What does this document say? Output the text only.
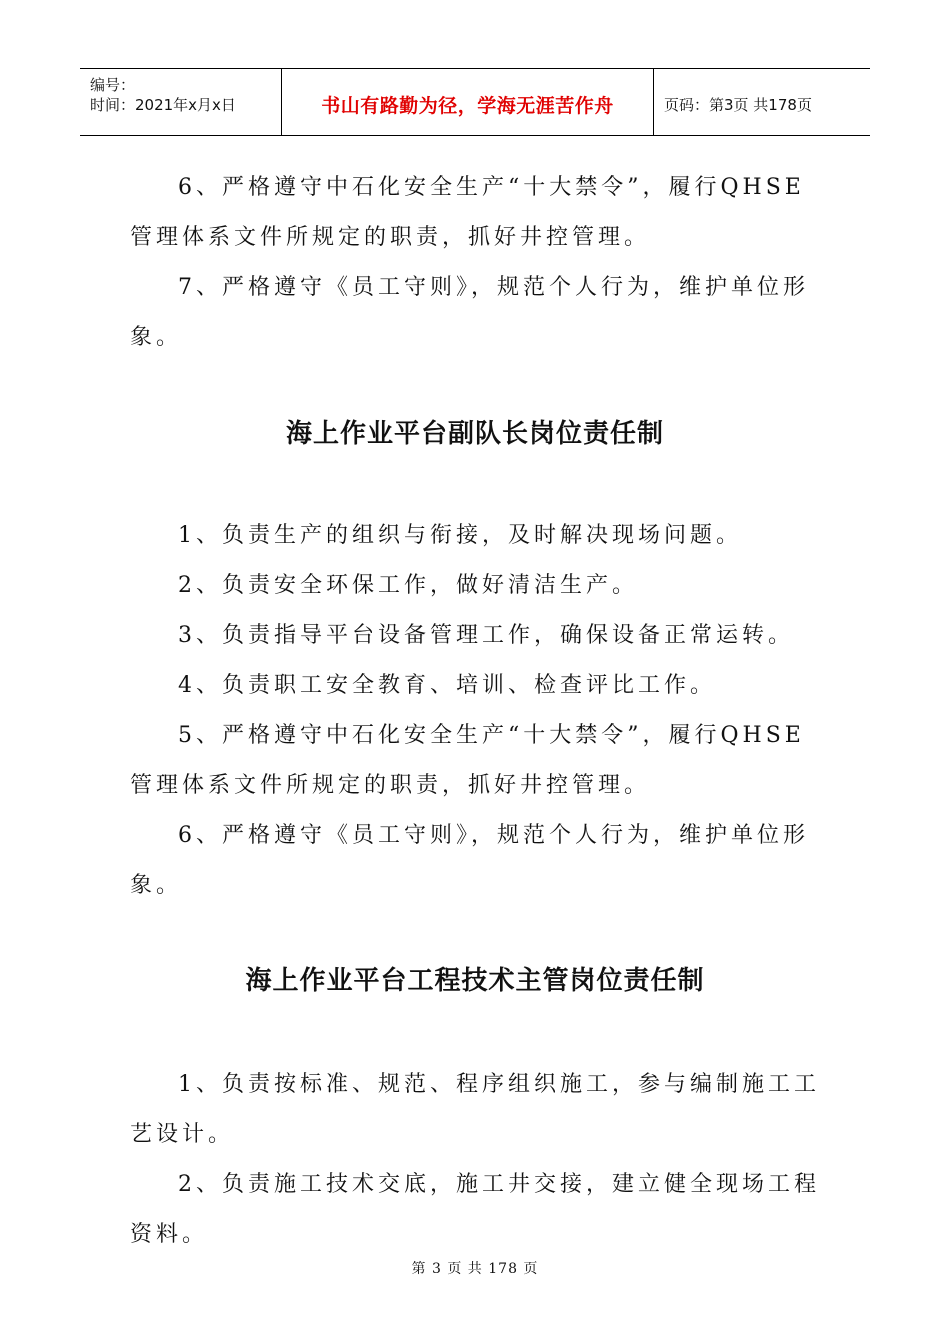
编号：
时间：2021年x月x日	书山有路勤为径，学海无涯苦作舟	页码：第3页 共178页
6、严格遵守中石化安全生产“十大禁令”，履行QHSE
管理体系文件所规定的职责，抓好井控管理。
7、严格遵守《员工守则》，规范个人行为，维护单位形
象。
海上作业平台副队长岗位责任制
1、负责生产的组织与衔接，及时解决现场问题。
2、负责安全环保工作，做好清洁生产。
3、负责指导平台设备管理工作，确保设备正常运转。
4、负责职工安全教育、培训、检查评比工作。
5、严格遵守中石化安全生产“十大禁令”，履行QHSE
管理体系文件所规定的职责，抓好井控管理。
6、严格遵守《员工守则》，规范个人行为，维护单位形
象。
海上作业平台工程技术主管岗位责任制
1、负责按标准、规范、程序组织施工，参与编制施工工
艺设计。
2、负责施工技术交底，施工井交接，建立健全现场工程
资料。
第 3 页 共 178 页
